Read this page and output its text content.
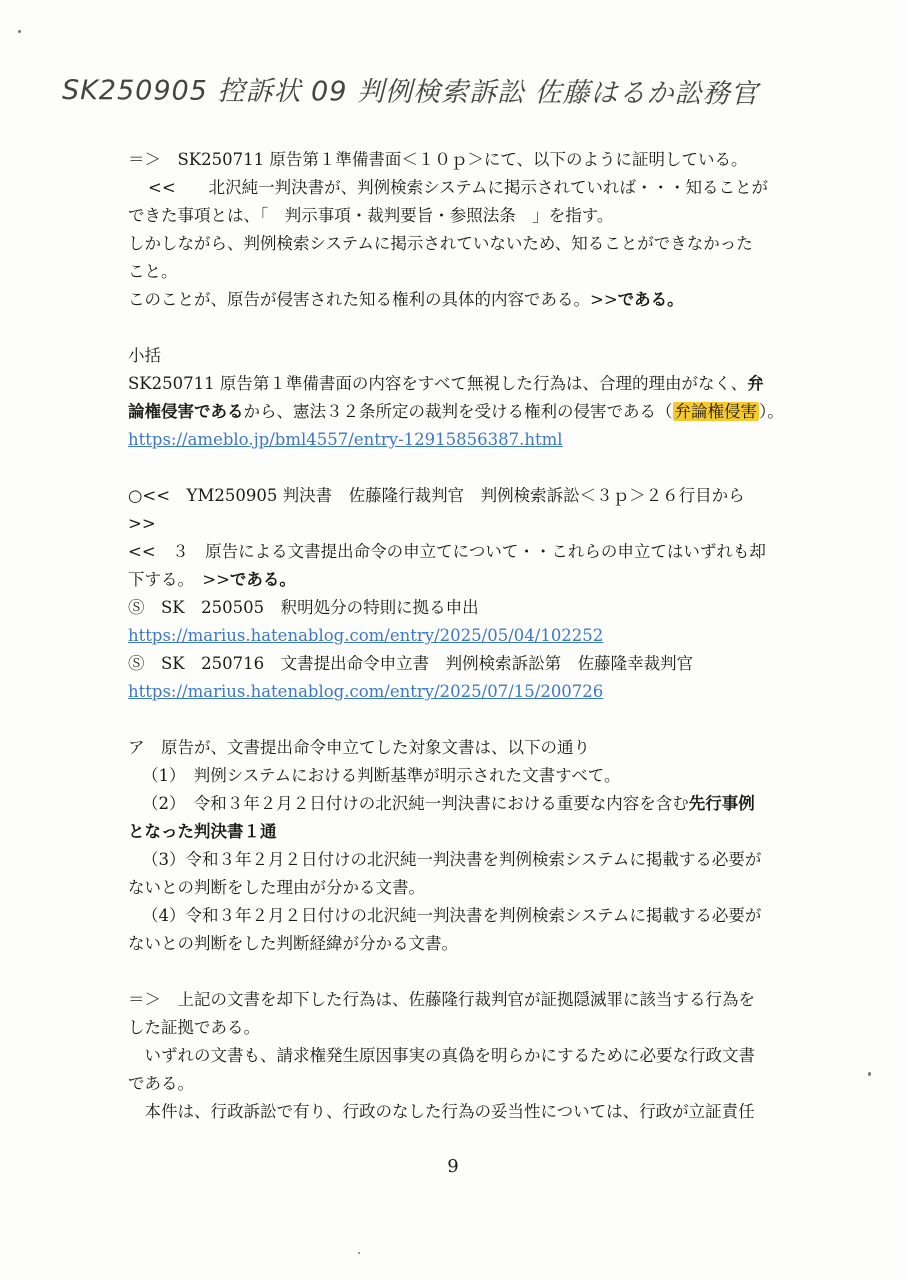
SK250905 控訴状 09 判例検索訴訟 佐藤はるか訟務官
＝＞　SK250711 原告第１準備書面＜１０ｐ＞にて、以下のように証明している。
<<　　北沢純一判決書が、判例検索システムに掲示されていれば・・・知ることが
できた事項とは、「　判示事項・裁判要旨・参照法条　」を指す。
しかしながら、判例検索システムに掲示されていないため、知ることができなかった
こと。
このことが、原告が侵害された知る権利の具体的内容である。>>である。
小括
SK250711 原告第１準備書面の内容をすべて無視した行為は、合理的理由がなく、弁
論権侵害であるから、憲法３２条所定の裁判を受ける権利の侵害である（ 弁論権侵害 ）。
https://ameblo.jp/bml4557/entry-12915856387.html
○<<　YM250905 判決書　佐藤隆行裁判官　判例検索訴訟＜３ｐ＞２６行目から
>>
<<　３　原告による文書提出命令の申立てについて・・これらの申立てはいずれも却
下する。　>>である。
Ⓢ　SK　250505　釈明処分の特則に拠る申出
https://marius.hatenablog.com/entry/2025/05/04/102252
Ⓢ　SK　250716　文書提出命令申立書　判例検索訴訟第　佐藤隆幸裁判官
https://marius.hatenablog.com/entry/2025/07/15/200726
ア　原告が、文書提出命令申立てした対象文書は、以下の通り
（1）　判例システムにおける判断基準が明示された文書すべて。
（2）　令和３年２月２日付けの北沢純一判決書における重要な内容を含む先行事例
となった判決書１通
（3）令和３年２月２日付けの北沢純一判決書を判例検索システムに掲載する必要が
ないとの判断をした理由が分かる文書。
（4）令和３年２月２日付けの北沢純一判決書を判例検索システムに掲載する必要が
ないとの判断をした判断経緯が分かる文書。
＝＞　上記の文書を却下した行為は、佐藤隆行裁判官が証拠隠滅罪に該当する行為を
した証拠である。
　いずれの文書も、請求権発生原因事実の真偽を明らかにするために必要な行政文書
である。
　本件は、行政訴訟で有り、行政のなした行為の妥当性については、行政が立証責任
9
